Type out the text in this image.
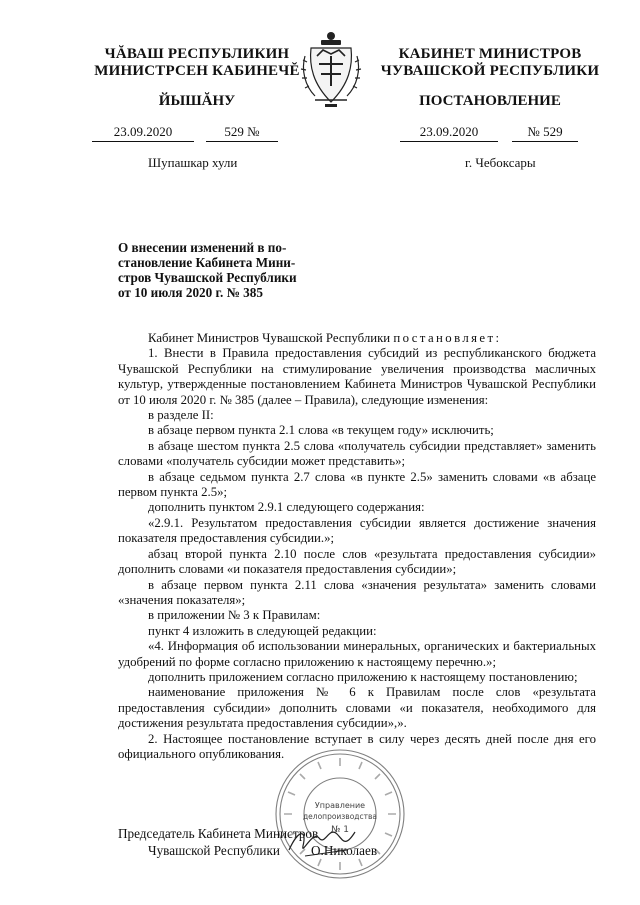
ЧĂВАШ РЕСПУБЛИКИН
МИНИСТРСЕН КАБИНЕЧĔ
ЙЫШĂНУ
КАБИНЕТ МИНИСТРОВ
ЧУВАШСКОЙ РЕСПУБЛИКИ
ПОСТАНОВЛЕНИЕ
23.09.2020	529 №	23.09.2020	№ 529
Шупашкар хули	г. Чебоксары
О внесении изменений в по-
становление Кабинета Мини-
стров Чувашской Республики
от 10 июля 2020 г. № 385

Кабинет Министров Чувашской Республики постановляет:

1. Внести в Правила предоставления субсидий из республиканского бюджета Чувашской Республики на стимулирование увеличения производства масличных культур, утвержденные постановлением Кабинета Министров Чувашской Республики от 10 июля 2020 г. № 385 (далее – Правила), следующие изменения:

в разделе II:

в абзаце первом пункта 2.1 слова «в текущем году» исключить;

в абзаце шестом пункта 2.5 слова «получатель субсидии представляет» заменить словами «получатель субсидии может представить»;

в абзаце седьмом пункта 2.7 слова «в пункте 2.5» заменить словами «в абзаце первом пункта 2.5»;

дополнить пунктом 2.9.1 следующего содержания:

«2.9.1. Результатом предоставления субсидии является достижение значения показателя предоставления субсидии.»;

абзац второй пункта 2.10 после слов «результата предоставления субсидии» дополнить словами «и показателя предоставления субсидии»;

в абзаце первом пункта 2.11 слова «значения результата» заменить словами «значения показателя»;

в приложении № 3 к Правилам:

пункт 4 изложить в следующей редакции:

«4. Информация об использовании минеральных, органических и бактериальных удобрений по форме согласно приложению к настоящему перечню.»;

дополнить приложением согласно приложению к настоящему постановлению;

наименование приложения № 6 к Правилам после слов «результата предоставления субсидии» дополнить словами «и показателя, необходимого для достижения результата предоставления субсидии»,».

2. Настоящее постановление вступает в силу через десять дней после дня его официального опубликования.

Управление
делопроизводства
№ 1
Председатель Кабинета Министров
Чувашской Республики О.Николаев
